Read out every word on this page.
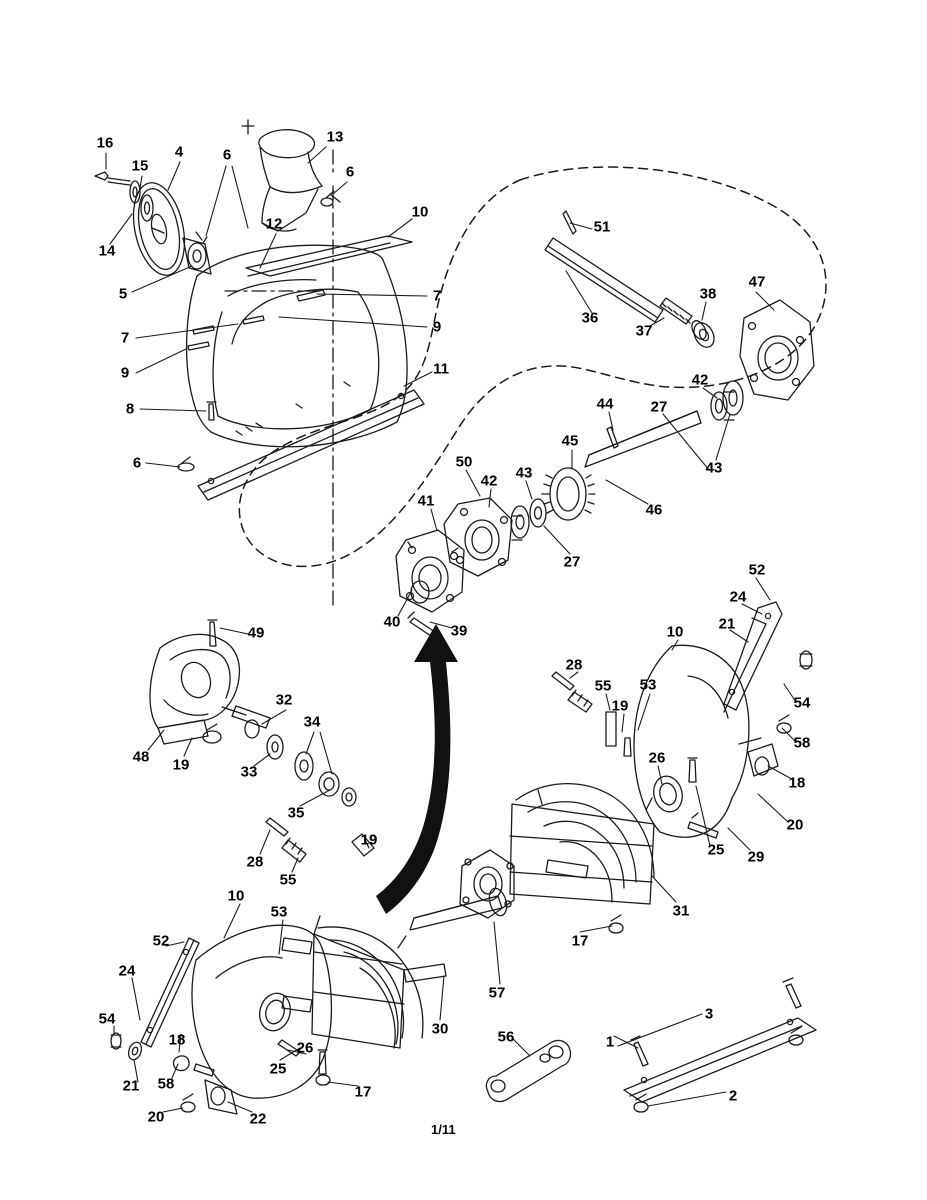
16
15
4	6
13
6
14
12
10
5	7
9
7
9	11
8
6
51
36
38
47
37
42
44 27
43
45
46
50
42 43
41
27
40
39
49
52
24
21
10
54
58
18
20
28
55
19
53
26
29
25
31
17
48 19
32
34
33
35
28
55
19
10
53
52
24
54
18	26
21 58
20	22
25
17
30
57
56	1
3
2
1/11
